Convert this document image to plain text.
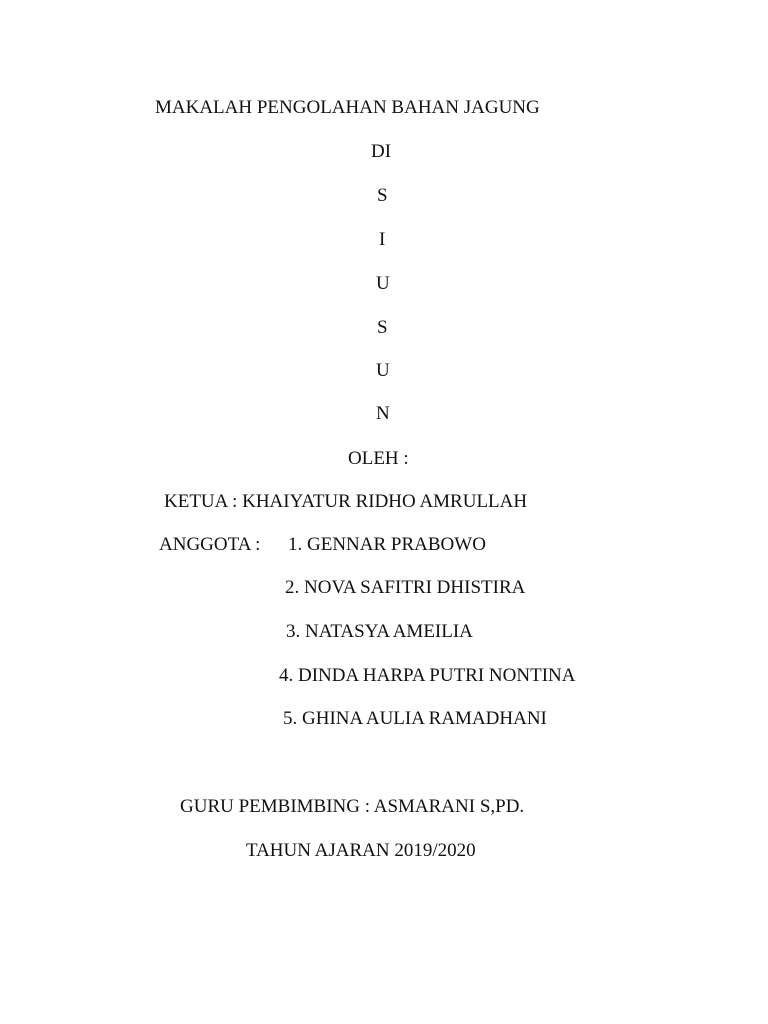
MAKALAH PENGOLAHAN BAHAN JAGUNG
DI
S
I
U
S
U
N
OLEH :
KETUA : KHAIYATUR RIDHO AMRULLAH
ANGGOTA : 1. GENNAR PRABOWO
2. NOVA SAFITRI DHISTIRA
3. NATASYA AMEILIA
4. DINDA HARPA PUTRI NONTINA
5. GHINA AULIA RAMADHANI
GURU PEMBIMBING : ASMARANI S,PD.
TAHUN AJARAN 2019/2020
